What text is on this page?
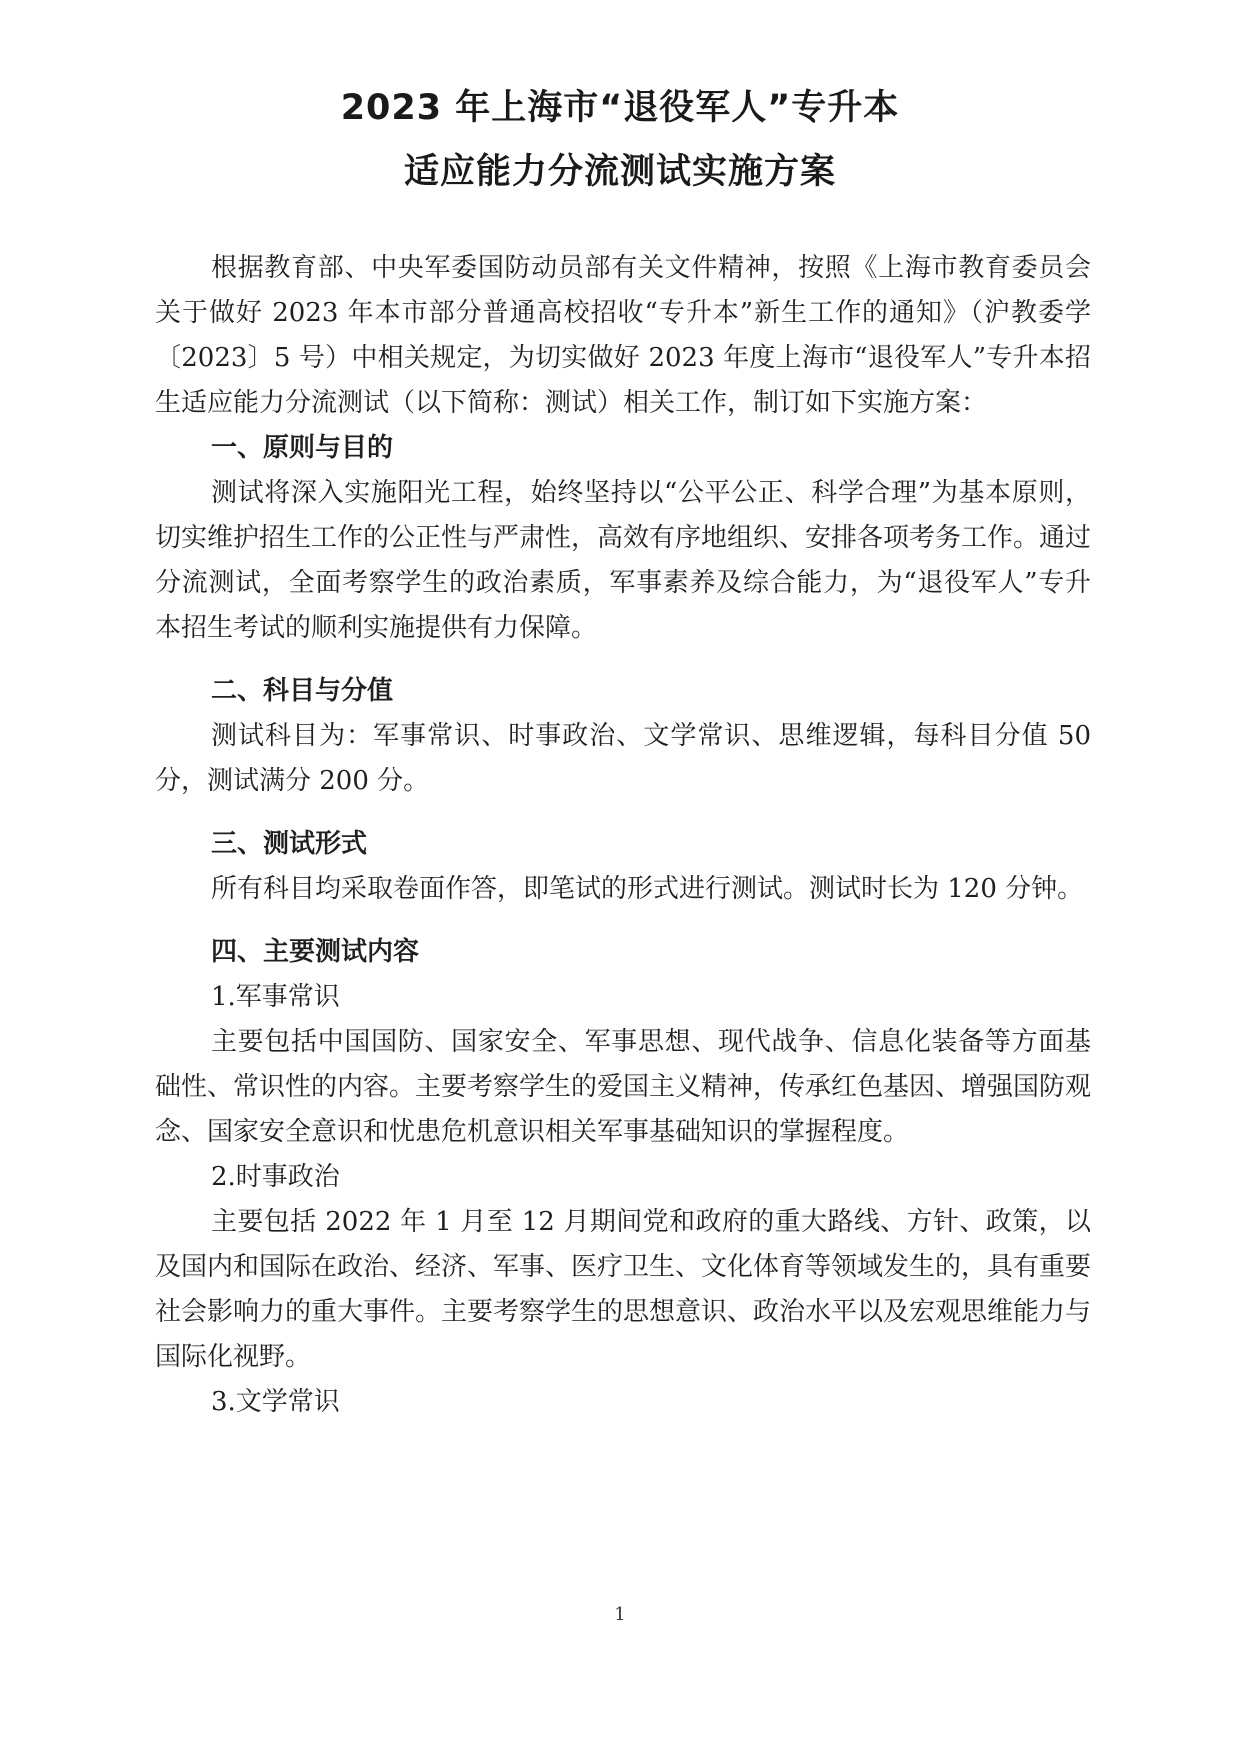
2023 年上海市“退役军人”专升本
适应能力分流测试实施方案

根据教育部、中央军委国防动员部有关文件精神，按照《上海市教育委员会关于做好 2023 年本市部分普通高校招收“专升本”新生工作的通知》（沪教委学〔2023〕5 号）中相关规定，为切实做好 2023 年度上海市“退役军人”专升本招生适应能力分流测试（以下简称：测试）相关工作，制订如下实施方案：

一、原则与目的

测试将深入实施阳光工程，始终坚持以“公平公正、科学合理”为基本原则，切实维护招生工作的公正性与严肃性，高效有序地组织、安排各项考务工作。通过分流测试，全面考察学生的政治素质，军事素养及综合能力，为“退役军人”专升本招生考试的顺利实施提供有力保障。

二、科目与分值

测试科目为：军事常识、时事政治、文学常识、思维逻辑，每科目分值 50 分，测试满分 200 分。

三、测试形式

所有科目均采取卷面作答，即笔试的形式进行测试。测试时长为 120 分钟。

四、主要测试内容

1.军事常识

主要包括中国国防、国家安全、军事思想、现代战争、信息化装备等方面基础性、常识性的内容。主要考察学生的爱国主义精神，传承红色基因、增强国防观念、国家安全意识和忧患危机意识相关军事基础知识的掌握程度。

2.时事政治

主要包括 2022 年 1 月至 12 月期间党和政府的重大路线、方针、政策，以及国内和国际在政治、经济、军事、医疗卫生、文化体育等领域发生的，具有重要社会影响力的重大事件。主要考察学生的思想意识、政治水平以及宏观思维能力与国际化视野。

3.文学常识

1
